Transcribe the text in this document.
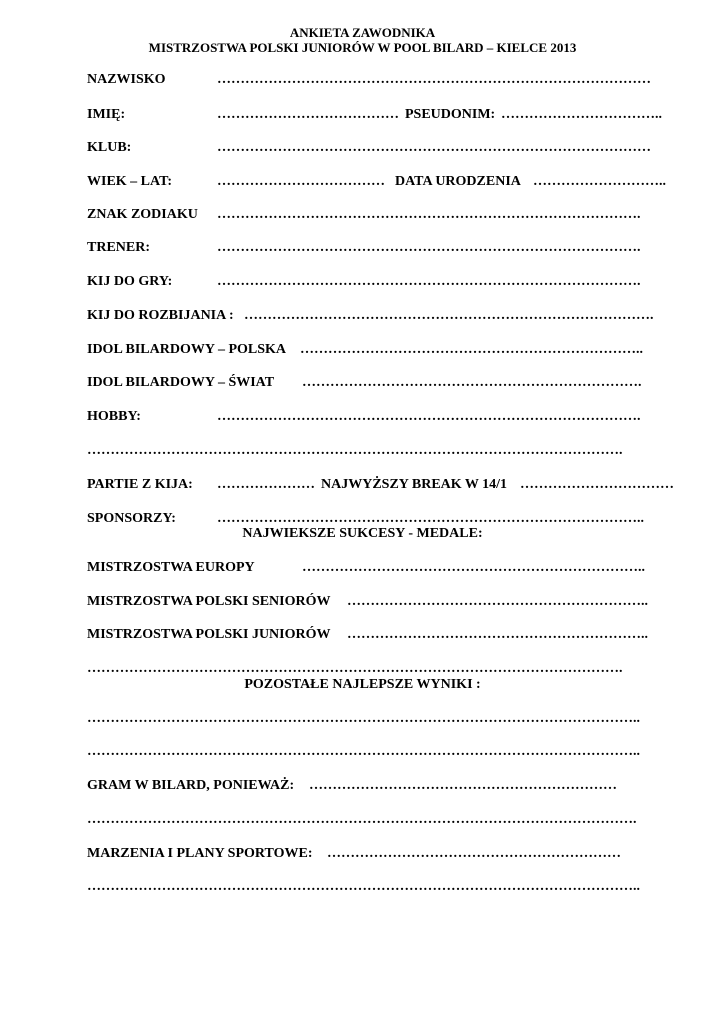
ANKIETA ZAWODNIKA
MISTRZOSTWA POLSKI JUNIORÓW W POOL BILARD – KIELCE 2013
NAZWISKO	…………………………………………………………………………………
IMIĘ:	………………………………… PSEUDONIM: ……………………………..
KLUB:	…………………………………………………………………………………
WIEK – LAT:	……………………………… DATA URODZENIA ………………………..
ZNAK ZODIAKU ……………………………………………………………………………….
TRENER:	……………………………………………………………………………….
KIJ DO GRY:	……………………………………………………………………………….
KIJ DO ROZBIJANIA : …………………………………………………………………………….
IDOL BILARDOWY – POLSKA ………………………………………………………………..
IDOL BILARDOWY – ŚWIAT ……………………………………………………………….
HOBBY:	……………………………………………………………………………….
…………………………………………………………………………………………………….
PARTIE Z KIJA: ………………… NAJWYŻSZY BREAK W 14/1 ……………………………
SPONSORZY:	………………………………………………………………………………..
NAJWIEKSZE SUKCESY - MEDALE:
MISTRZOSTWA EUROPY	………………………………………………………………..
MISTRZOSTWA POLSKI SENIORÓW ………………………………………………………..
MISTRZOSTWA POLSKI JUNIORÓW ………………………………………………………..
…………………………………………………………………………………………………….
POZOSTAŁE NAJLEPSZE WYNIKI :
………………………………………………………………………………………………………..
………………………………………………………………………………………………………..
GRAM W BILARD, PONIEWAŻ: …………………………………………………………
……………………………………………………………………………………………………….
MARZENIA I PLANY SPORTOWE: ………………………………………………………
………………………………………………………………………………………………………..
